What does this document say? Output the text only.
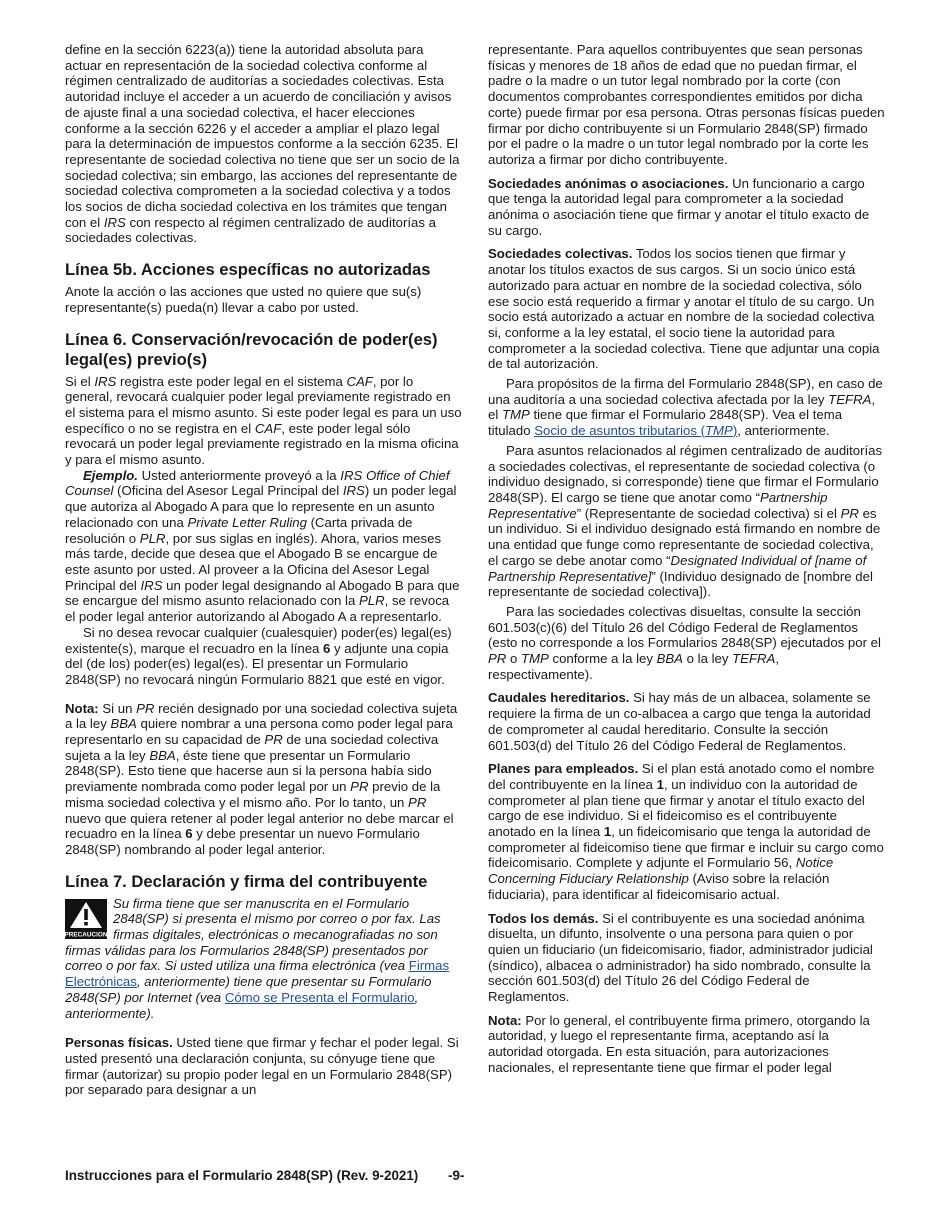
define en la sección 6223(a)) tiene la autoridad absoluta para actuar en representación de la sociedad colectiva conforme al régimen centralizado de auditorías a sociedades colectivas. Esta autoridad incluye el acceder a un acuerdo de conciliación y avisos de ajuste final a una sociedad colectiva, el hacer elecciones conforme a la sección 6226 y el acceder a ampliar el plazo legal para la determinación de impuestos conforme a la sección 6235. El representante de sociedad colectiva no tiene que ser un socio de la sociedad colectiva; sin embargo, las acciones del representante de sociedad colectiva comprometen a la sociedad colectiva y a todos los socios de dicha sociedad colectiva en los trámites que tengan con el IRS con respecto al régimen centralizado de auditorías a sociedades colectivas.

Línea 5b. Acciones específicas no autorizadas

Anote la acción o las acciones que usted no quiere que su(s) representante(s) pueda(n) llevar a cabo por usted.

Línea 6. Conservación/revocación de poder(es) legal(es) previo(s)

Si el IRS registra este poder legal en el sistema CAF, por lo general, revocará cualquier poder legal previamente registrado en el sistema para el mismo asunto. Si este poder legal es para un uso específico o no se registra en el CAF, este poder legal sólo revocará un poder legal previamente registrado en la misma oficina y para el mismo asunto.

Ejemplo. Usted anteriormente proveyó a la IRS Office of Chief Counsel (Oficina del Asesor Legal Principal del IRS) un poder legal que autoriza al Abogado A para que lo represente en un asunto relacionado con una Private Letter Ruling (Carta privada de resolución o PLR, por sus siglas en inglés). Ahora, varios meses más tarde, decide que desea que el Abogado B se encargue de este asunto por usted. Al proveer a la Oficina del Asesor Legal Principal del IRS un poder legal designando al Abogado B para que se encargue del mismo asunto relacionado con la PLR, se revoca el poder legal anterior autorizando al Abogado A a representarlo.

Si no desea revocar cualquier (cualesquier) poder(es) legal(es) existente(s), marque el recuadro en la línea 6 y adjunte una copia del (de los) poder(es) legal(es). El presentar un Formulario 2848(SP) no revocará ningún Formulario 8821 que esté en vigor.

Nota: Si un PR recién designado por una sociedad colectiva sujeta a la ley BBA quiere nombrar a una persona como poder legal para representarlo en su capacidad de PR de una sociedad colectiva sujeta a la ley BBA, éste tiene que presentar un Formulario 2848(SP). Esto tiene que hacerse aun si la persona había sido previamente nombrada como poder legal por un PR previo de la misma sociedad colectiva y el mismo año. Por lo tanto, un PR nuevo que quiera retener al poder legal anterior no debe marcar el recuadro en la línea 6 y debe presentar un nuevo Formulario 2848(SP) nombrando al poder legal anterior.

Línea 7. Declaración y firma del contribuyente
PRECAUCION

Su firma tiene que ser manuscrita en el Formulario 2848(SP) si presenta el mismo por correo o por fax. Las firmas digitales, electrónicas o mecanografiadas no son firmas válidas para los Formularios 2848(SP) presentados por correo o por fax. Si usted utiliza una firma electrónica (vea Firmas Electrónicas, anteriormente) tiene que presentar su Formulario 2848(SP) por Internet (vea Cómo se Presenta el Formulario, anteriormente).

Personas físicas. Usted tiene que firmar y fechar el poder legal. Si usted presentó una declaración conjunta, su cónyuge tiene que firmar (autorizar) su propio poder legal en un Formulario 2848(SP) por separado para designar a un

representante. Para aquellos contribuyentes que sean personas físicas y menores de 18 años de edad que no puedan firmar, el padre o la madre o un tutor legal nombrado por la corte (con documentos comprobantes correspondientes emitidos por dicha corte) puede firmar por esa persona. Otras personas físicas pueden firmar por dicho contribuyente si un Formulario 2848(SP) firmado por el padre o la madre o un tutor legal nombrado por la corte les autoriza a firmar por dicho contribuyente.

Sociedades anónimas o asociaciones. Un funcionario a cargo que tenga la autoridad legal para comprometer a la sociedad anónima o asociación tiene que firmar y anotar el título exacto de su cargo.

Sociedades colectivas. Todos los socios tienen que firmar y anotar los títulos exactos de sus cargos. Si un socio único está autorizado para actuar en nombre de la sociedad colectiva, sólo ese socio está requerido a firmar y anotar el título de su cargo. Un socio está autorizado a actuar en nombre de la sociedad colectiva si, conforme a la ley estatal, el socio tiene la autoridad para comprometer a la sociedad colectiva. Tiene que adjuntar una copia de tal autorización.

Para propósitos de la firma del Formulario 2848(SP), en caso de una auditoría a una sociedad colectiva afectada por la ley TEFRA, el TMP tiene que firmar el Formulario 2848(SP). Vea el tema titulado Socio de asuntos tributarios (TMP), anteriormente.

Para asuntos relacionados al régimen centralizado de auditorías a sociedades colectivas, el representante de sociedad colectiva (o individuo designado, si corresponde) tiene que firmar el Formulario 2848(SP). El cargo se tiene que anotar como “Partnership Representative” (Representante de sociedad colectiva) si el PR es un individuo. Si el individuo designado está firmando en nombre de una entidad que funge como representante de sociedad colectiva, el cargo se debe anotar como “Designated Individual of [name of Partnership Representative]” (Individuo designado de [nombre del representante de sociedad colectiva]).

Para las sociedades colectivas disueltas, consulte la sección 601.503(c)(6) del Título 26 del Código Federal de Reglamentos (esto no corresponde a los Formularios 2848(SP) ejecutados por el PR o TMP conforme a la ley BBA o la ley TEFRA, respectivamente).

Caudales hereditarios. Si hay más de un albacea, solamente se requiere la firma de un co-albacea a cargo que tenga la autoridad de comprometer al caudal hereditario. Consulte la sección 601.503(d) del Título 26 del Código Federal de Reglamentos.

Planes para empleados. Si el plan está anotado como el nombre del contribuyente en la línea 1, un individuo con la autoridad de comprometer al plan tiene que firmar y anotar el título exacto del cargo de ese individuo. Si el fideicomiso es el contribuyente anotado en la línea 1, un fideicomisario que tenga la autoridad de comprometer al fideicomiso tiene que firmar e incluir su cargo como fideicomisario. Complete y adjunte el Formulario 56, Notice Concerning Fiduciary Relationship (Aviso sobre la relación fiduciaria), para identificar al fideicomisario actual.

Todos los demás. Si el contribuyente es una sociedad anónima disuelta, un difunto, insolvente o una persona para quien o por quien un fiduciario (un fideicomisario, fiador, administrador judicial (síndico), albacea o administrador) ha sido nombrado, consulte la sección 601.503(d) del Título 26 del Código Federal de Reglamentos.

Nota: Por lo general, el contribuyente firma primero, otorgando la autoridad, y luego el representante firma, aceptando así la autoridad otorgada. En esta situación, para autorizaciones nacionales, el representante tiene que firmar el poder legal

Instrucciones para el Formulario 2848(SP) (Rev. 9-2021) -9-
